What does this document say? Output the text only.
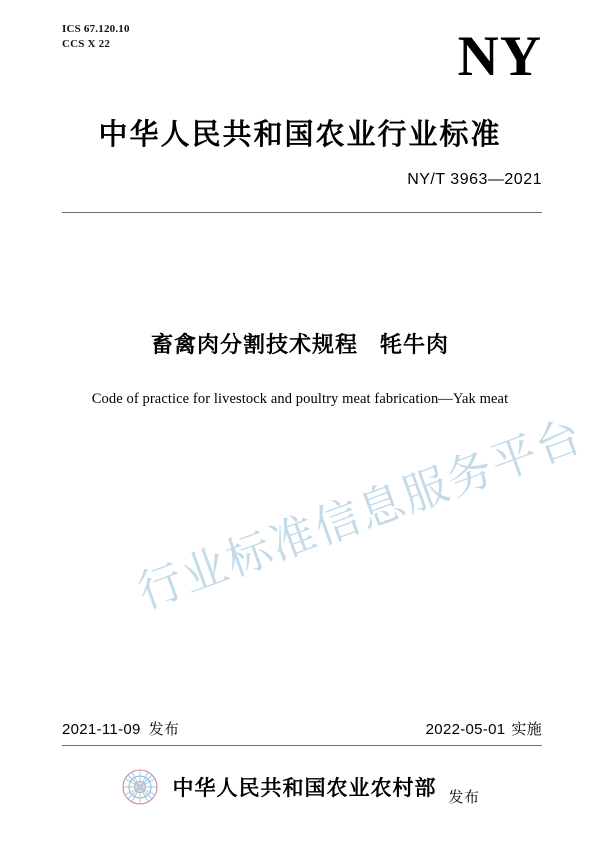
ICS 67.120.10
CCS X 22	NY
中华人民共和国农业行业标准
NY/T 3963—2021
畜禽肉分割技术规程 牦牛肉
Code of practice for livestock and poultry meat fabrication—Yak meat
行业标准信息服务平台
2021-11-09 发布	2022-05-01 实施
中华人民共和国农业农村部 发布
